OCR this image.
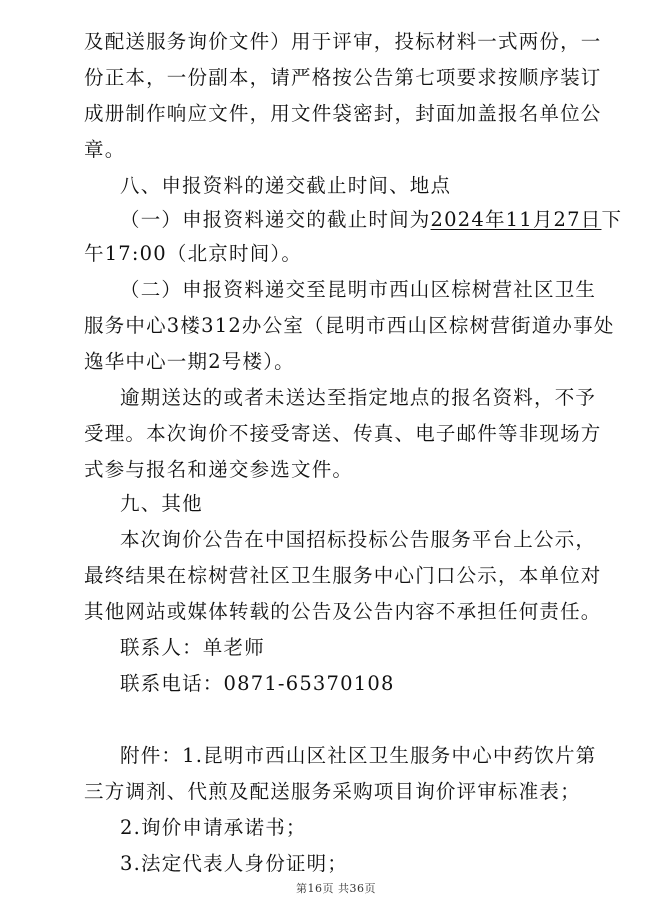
及配送服务询价文件）用于评审，投标材料一式两份，一
份正本，一份副本，请严格按公告第七项要求按顺序装订
成册制作响应文件，用文件袋密封，封面加盖报名单位公
章。
八、申报资料的递交截止时间、地点
（一）申报资料递交的截止时间为2024年11月27日下
午17:00（北京时间）。
（二）申报资料递交至昆明市西山区棕树营社区卫生
服务中心3楼312办公室（昆明市西山区棕树营街道办事处
逸华中心一期2号楼）。
逾期送达的或者未送达至指定地点的报名资料，不予
受理。本次询价不接受寄送、传真、电子邮件等非现场方
式参与报名和递交参选文件。
九、其他
本次询价公告在中国招标投标公告服务平台上公示，
最终结果在棕树营社区卫生服务中心门口公示，本单位对
其他网站或媒体转载的公告及公告内容不承担任何责任。
联系人：单老师
联系电话：0871-65370108
附件：1.昆明市西山区社区卫生服务中心中药饮片第
三方调剂、代煎及配送服务采购项目询价评审标准表；
2.询价申请承诺书；
3.法定代表人身份证明；
第16页 共36页
